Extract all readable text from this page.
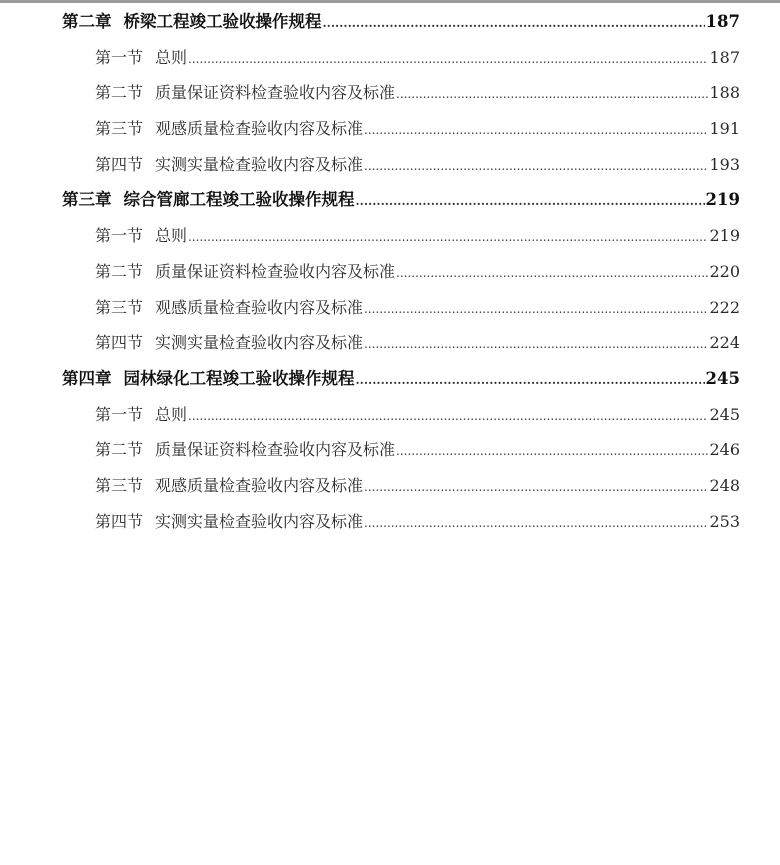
第二章 桥梁工程竣工验收操作规程 .....	187
第一节 总则 .....	187
第二节 质量保证资料检查验收内容及标准 .....	188
第三节 观感质量检查验收内容及标准 .....	191
第四节 实测实量检查验收内容及标准 .....	193
第三章 综合管廊工程竣工验收操作规程 .....	219
第一节 总则 .....	219
第二节 质量保证资料检查验收内容及标准 .....	220
第三节 观感质量检查验收内容及标准 .....	222
第四节 实测实量检查验收内容及标准 .....	224
第四章 园林绿化工程竣工验收操作规程 .....	245
第一节 总则 .....	245
第二节 质量保证资料检查验收内容及标准 .....	246
第三节 观感质量检查验收内容及标准 .....	248
第四节 实测实量检查验收内容及标准 .....	253
